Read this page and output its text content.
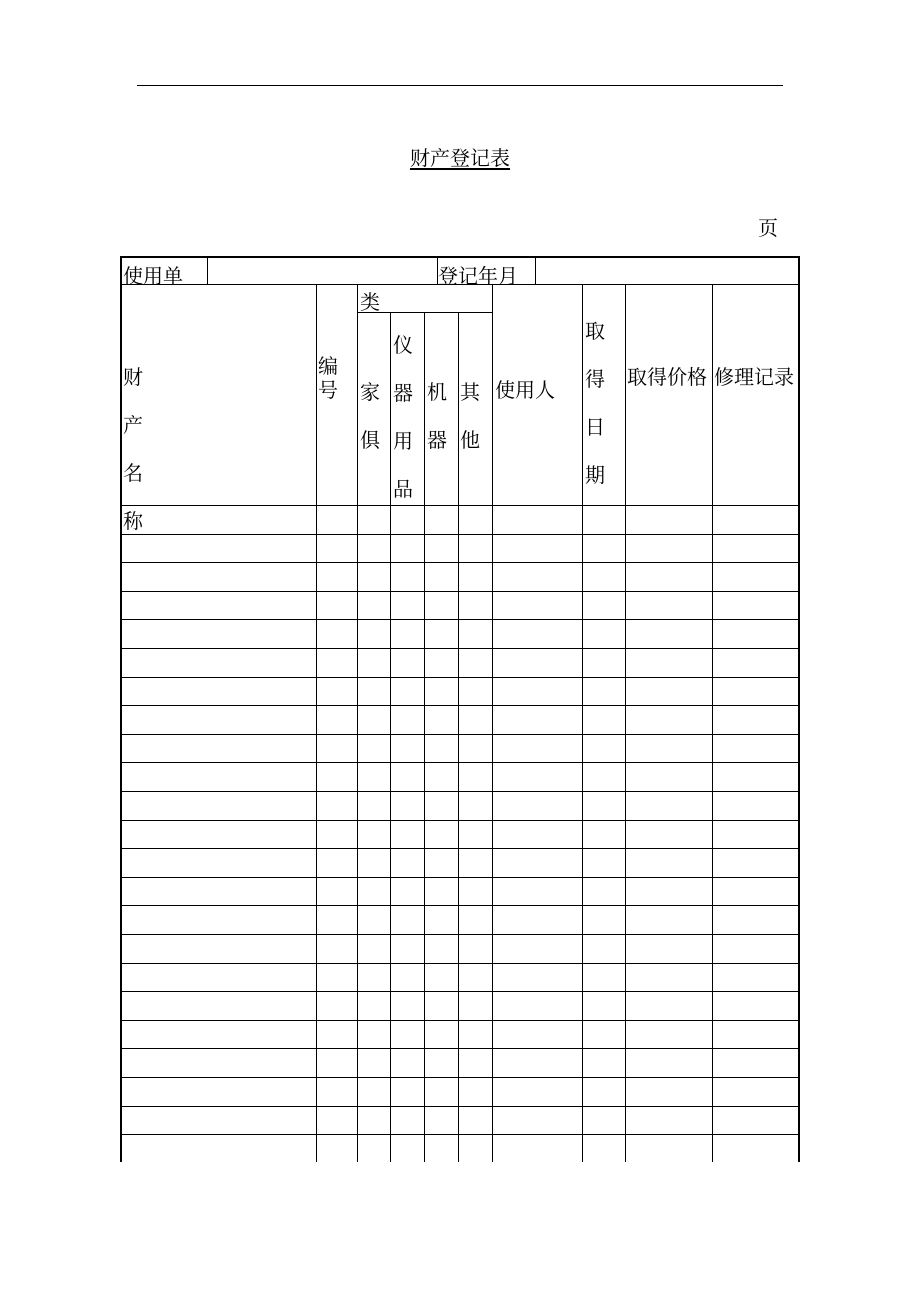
财产登记表
页
使用单	登记年月
财　产　名　称
编
号
类
家
俱
仪
器
用
品
机
器
其
他
使用人
取
得
日
期
取得价格 修理记录
